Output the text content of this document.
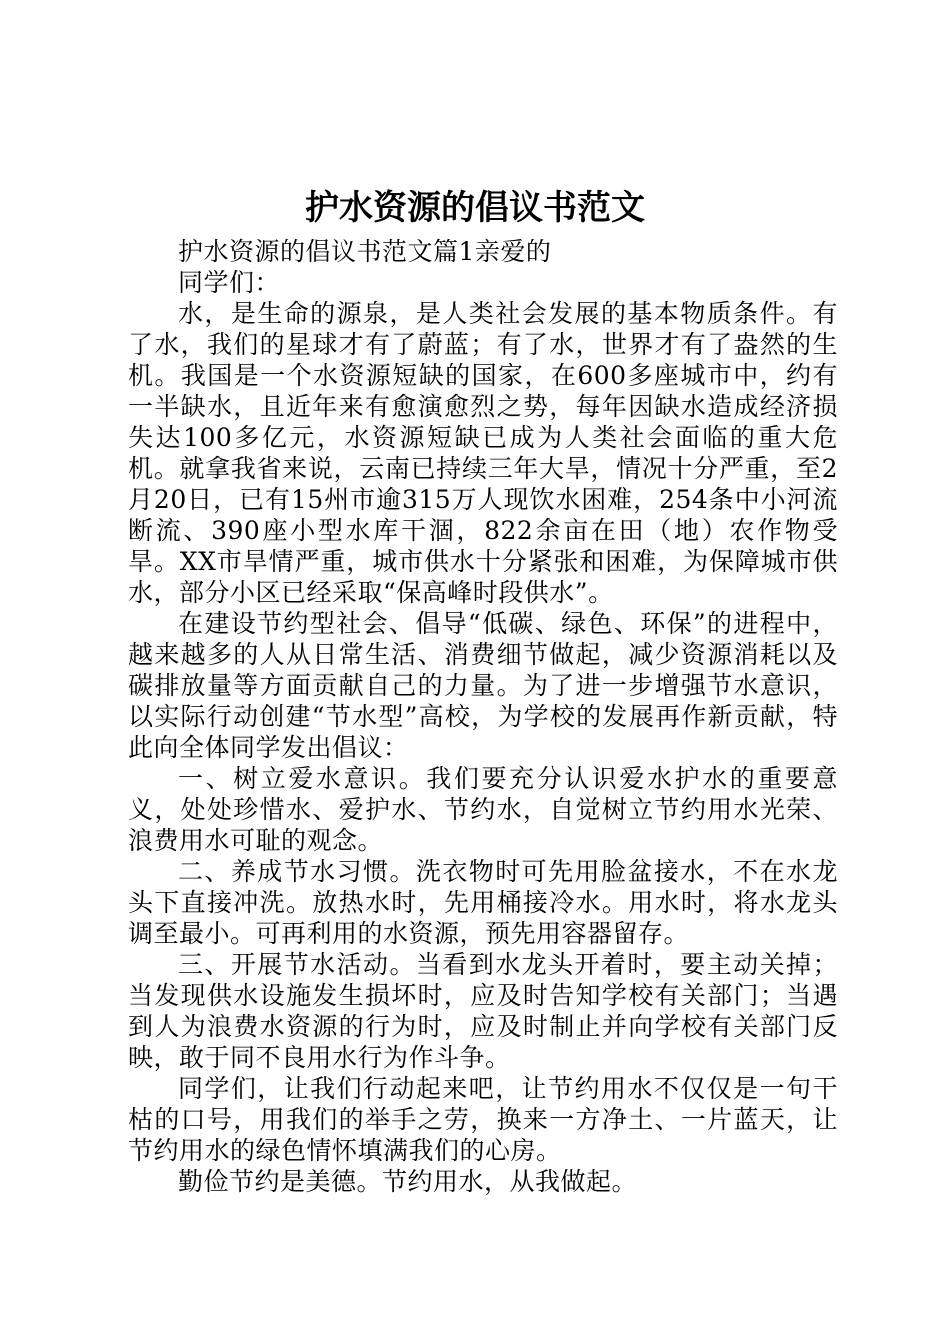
护水资源的倡议书范文

护水资源的倡议书范文篇1亲爱的

同学们：

水，是生命的源泉，是人类社会发展的基本物质条件。有了水，我们的星球才有了蔚蓝；有了水，世界才有了盎然的生机。我国是一个水资源短缺的国家，在600多座城市中，约有一半缺水，且近年来有愈演愈烈之势，每年因缺水造成经济损失达100多亿元，水资源短缺已成为人类社会面临的重大危机。就拿我省来说，云南已持续三年大旱，情况十分严重，至2月20日，已有15州市逾315万人现饮水困难，254条中小河流断流、390座小型水库干涸，822余亩在田（地）农作物受旱。XX市旱情严重，城市供水十分紧张和困难，为保障城市供水，部分小区已经采取“保高峰时段供水”。

在建设节约型社会、倡导“低碳、绿色、环保”的进程中，越来越多的人从日常生活、消费细节做起，减少资源消耗以及碳排放量等方面贡献自己的力量。为了进一步增强节水意识，以实际行动创建“节水型”高校，为学校的发展再作新贡献，特此向全体同学发出倡议：

一、树立爱水意识。我们要充分认识爱水护水的重要意义，处处珍惜水、爱护水、节约水，自觉树立节约用水光荣、浪费用水可耻的观念。

二、养成节水习惯。洗衣物时可先用脸盆接水，不在水龙头下直接冲洗。放热水时，先用桶接冷水。用水时，将水龙头调至最小。可再利用的水资源，预先用容器留存。

三、开展节水活动。当看到水龙头开着时，要主动关掉；当发现供水设施发生损坏时，应及时告知学校有关部门；当遇到人为浪费水资源的行为时，应及时制止并向学校有关部门反映，敢于同不良用水行为作斗争。

同学们，让我们行动起来吧，让节约用水不仅仅是一句干枯的口号，用我们的举手之劳，换来一方净土、一片蓝天，让节约用水的绿色情怀填满我们的心房。

勤俭节约是美德。节约用水，从我做起。
